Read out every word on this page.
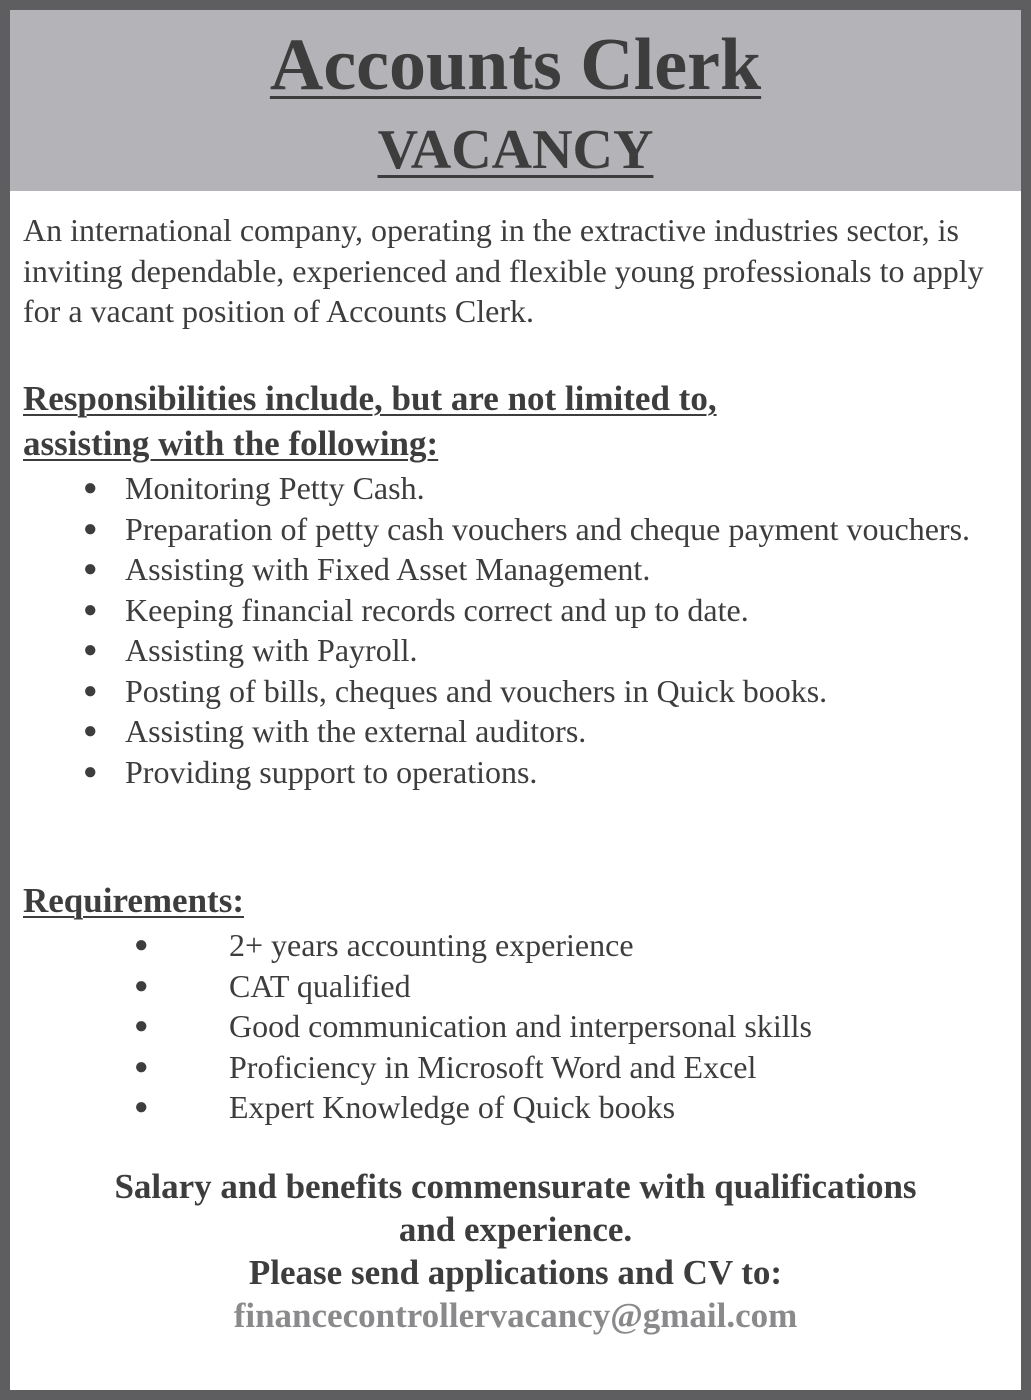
Accounts Clerk
VACANCY
An international company, operating in the extractive industries sector, is inviting dependable, experienced and flexible young professionals to apply for a vacant position of Accounts Clerk.
Responsibilities include, but are not limited to,
assisting with the following:
● Monitoring Petty Cash.
● Preparation of petty cash vouchers and cheque payment vouchers.
● Assisting with Fixed Asset Management.
● Keeping financial records correct and up to date.
● Assisting with Payroll.
● Posting of bills, cheques and vouchers in Quick books.
● Assisting with the external auditors.
● Providing support to operations.
Requirements:
●	2+ years accounting experience
●	CAT qualified
●	Good communication and interpersonal skills
●	Proficiency in Microsoft Word and Excel
●	Expert Knowledge of Quick books
Salary and benefits commensurate with qualifications
and experience.
Please send applications and CV to:
financecontrollervacancy@gmail.com
